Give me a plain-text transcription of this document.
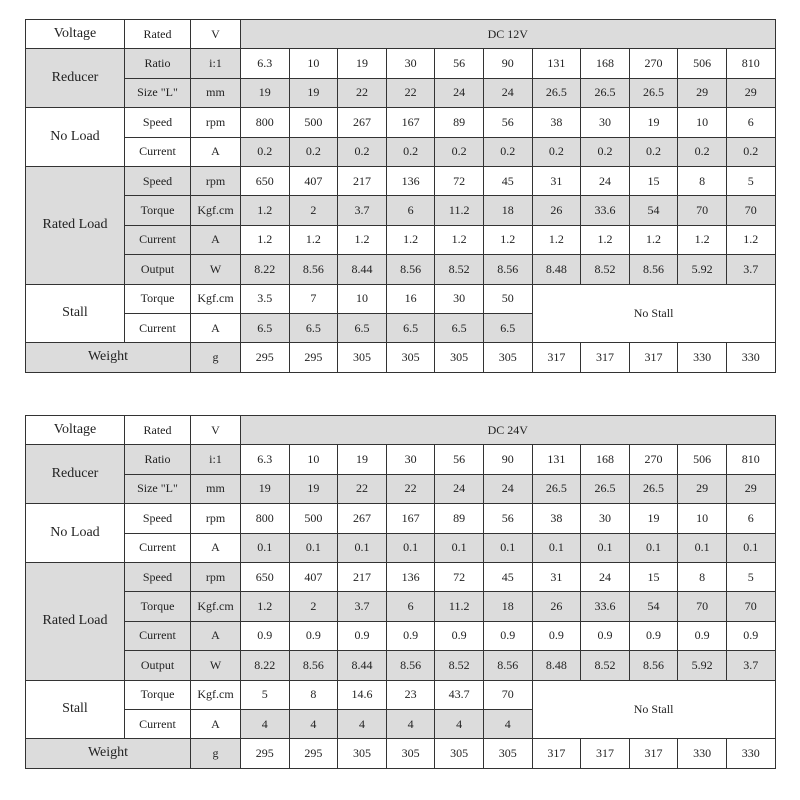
Voltage	Rated	V	DC 12V										
Reducer	Ratio	i:1	6.3	10	19	30	56	90	131	168	270	506	810
	Size "L"	mm	19	19	22	22	24	24	26.5	26.5	26.5	29	29
No Load	Speed	rpm	800	500	267	167	89	56	38	30	19	10	6
	Current	A	0.2	0.2	0.2	0.2	0.2	0.2	0.2	0.2	0.2	0.2	0.2
Rated Load	Speed	rpm	650	407	217	136	72	45	31	24	15	8	5
	Torque	Kgf.cm	1.2	2	3.7	6	11.2	18	26	33.6	54	70	70
	Current	A	1.2	1.2	1.2	1.2	1.2	1.2	1.2	1.2	1.2	1.2	1.2
	Output	W	8.22	8.56	8.44	8.56	8.52	8.56	8.48	8.52	8.56	5.92	3.7
Stall	Torque	Kgf.cm	3.5	7	10	16	30	50	No Stall				
	Current	A	6.5	6.5	6.5	6.5	6.5	6.5					
Weight		g	295	295	305	305	305	305	317	317	317	330	330
Voltage	Rated	V	DC 24V										
Reducer	Ratio	i:1	6.3	10	19	30	56	90	131	168	270	506	810
	Size "L"	mm	19	19	22	22	24	24	26.5	26.5	26.5	29	29
No Load	Speed	rpm	800	500	267	167	89	56	38	30	19	10	6
	Current	A	0.1	0.1	0.1	0.1	0.1	0.1	0.1	0.1	0.1	0.1	0.1
Rated Load	Speed	rpm	650	407	217	136	72	45	31	24	15	8	5
	Torque	Kgf.cm	1.2	2	3.7	6	11.2	18	26	33.6	54	70	70
	Current	A	0.9	0.9	0.9	0.9	0.9	0.9	0.9	0.9	0.9	0.9	0.9
	Output	W	8.22	8.56	8.44	8.56	8.52	8.56	8.48	8.52	8.56	5.92	3.7
Stall	Torque	Kgf.cm	5	8	14.6	23	43.7	70	No Stall				
	Current	A	4	4	4	4	4	4					
Weight		g	295	295	305	305	305	305	317	317	317	330	330
